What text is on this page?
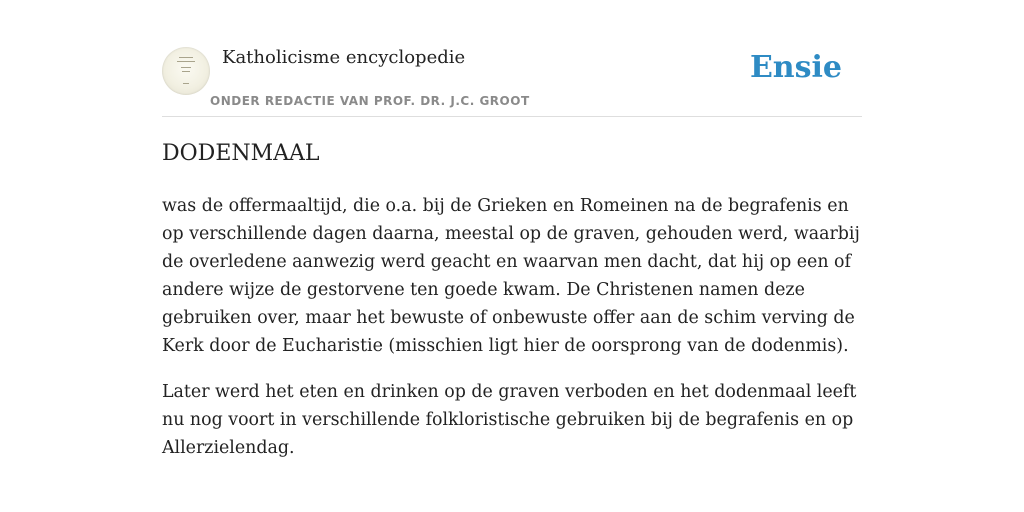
Katholicisme encyclopedie
ONDER REDACTIE VAN PROF. DR. J.C. GROOT
Ensie
DODENMAAL

was de offermaaltijd, die o.a. bij de Grieken en Romeinen na de begrafenis en op verschillende dagen daarna, meestal op de graven, gehouden werd, waarbij de overledene aanwezig werd geacht en waarvan men dacht, dat hij op een of andere wijze de gestorvene ten goede kwam. De Christenen namen deze gebruiken over, maar het bewuste of onbewuste offer aan de schim verving de Kerk door de Eucharistie (misschien ligt hier de oorsprong van de dodenmis).

Later werd het eten en drinken op de graven verboden en het dodenmaal leeft nu nog voort in verschillende folkloristische gebruiken bij de begrafenis en op Allerzielendag.
